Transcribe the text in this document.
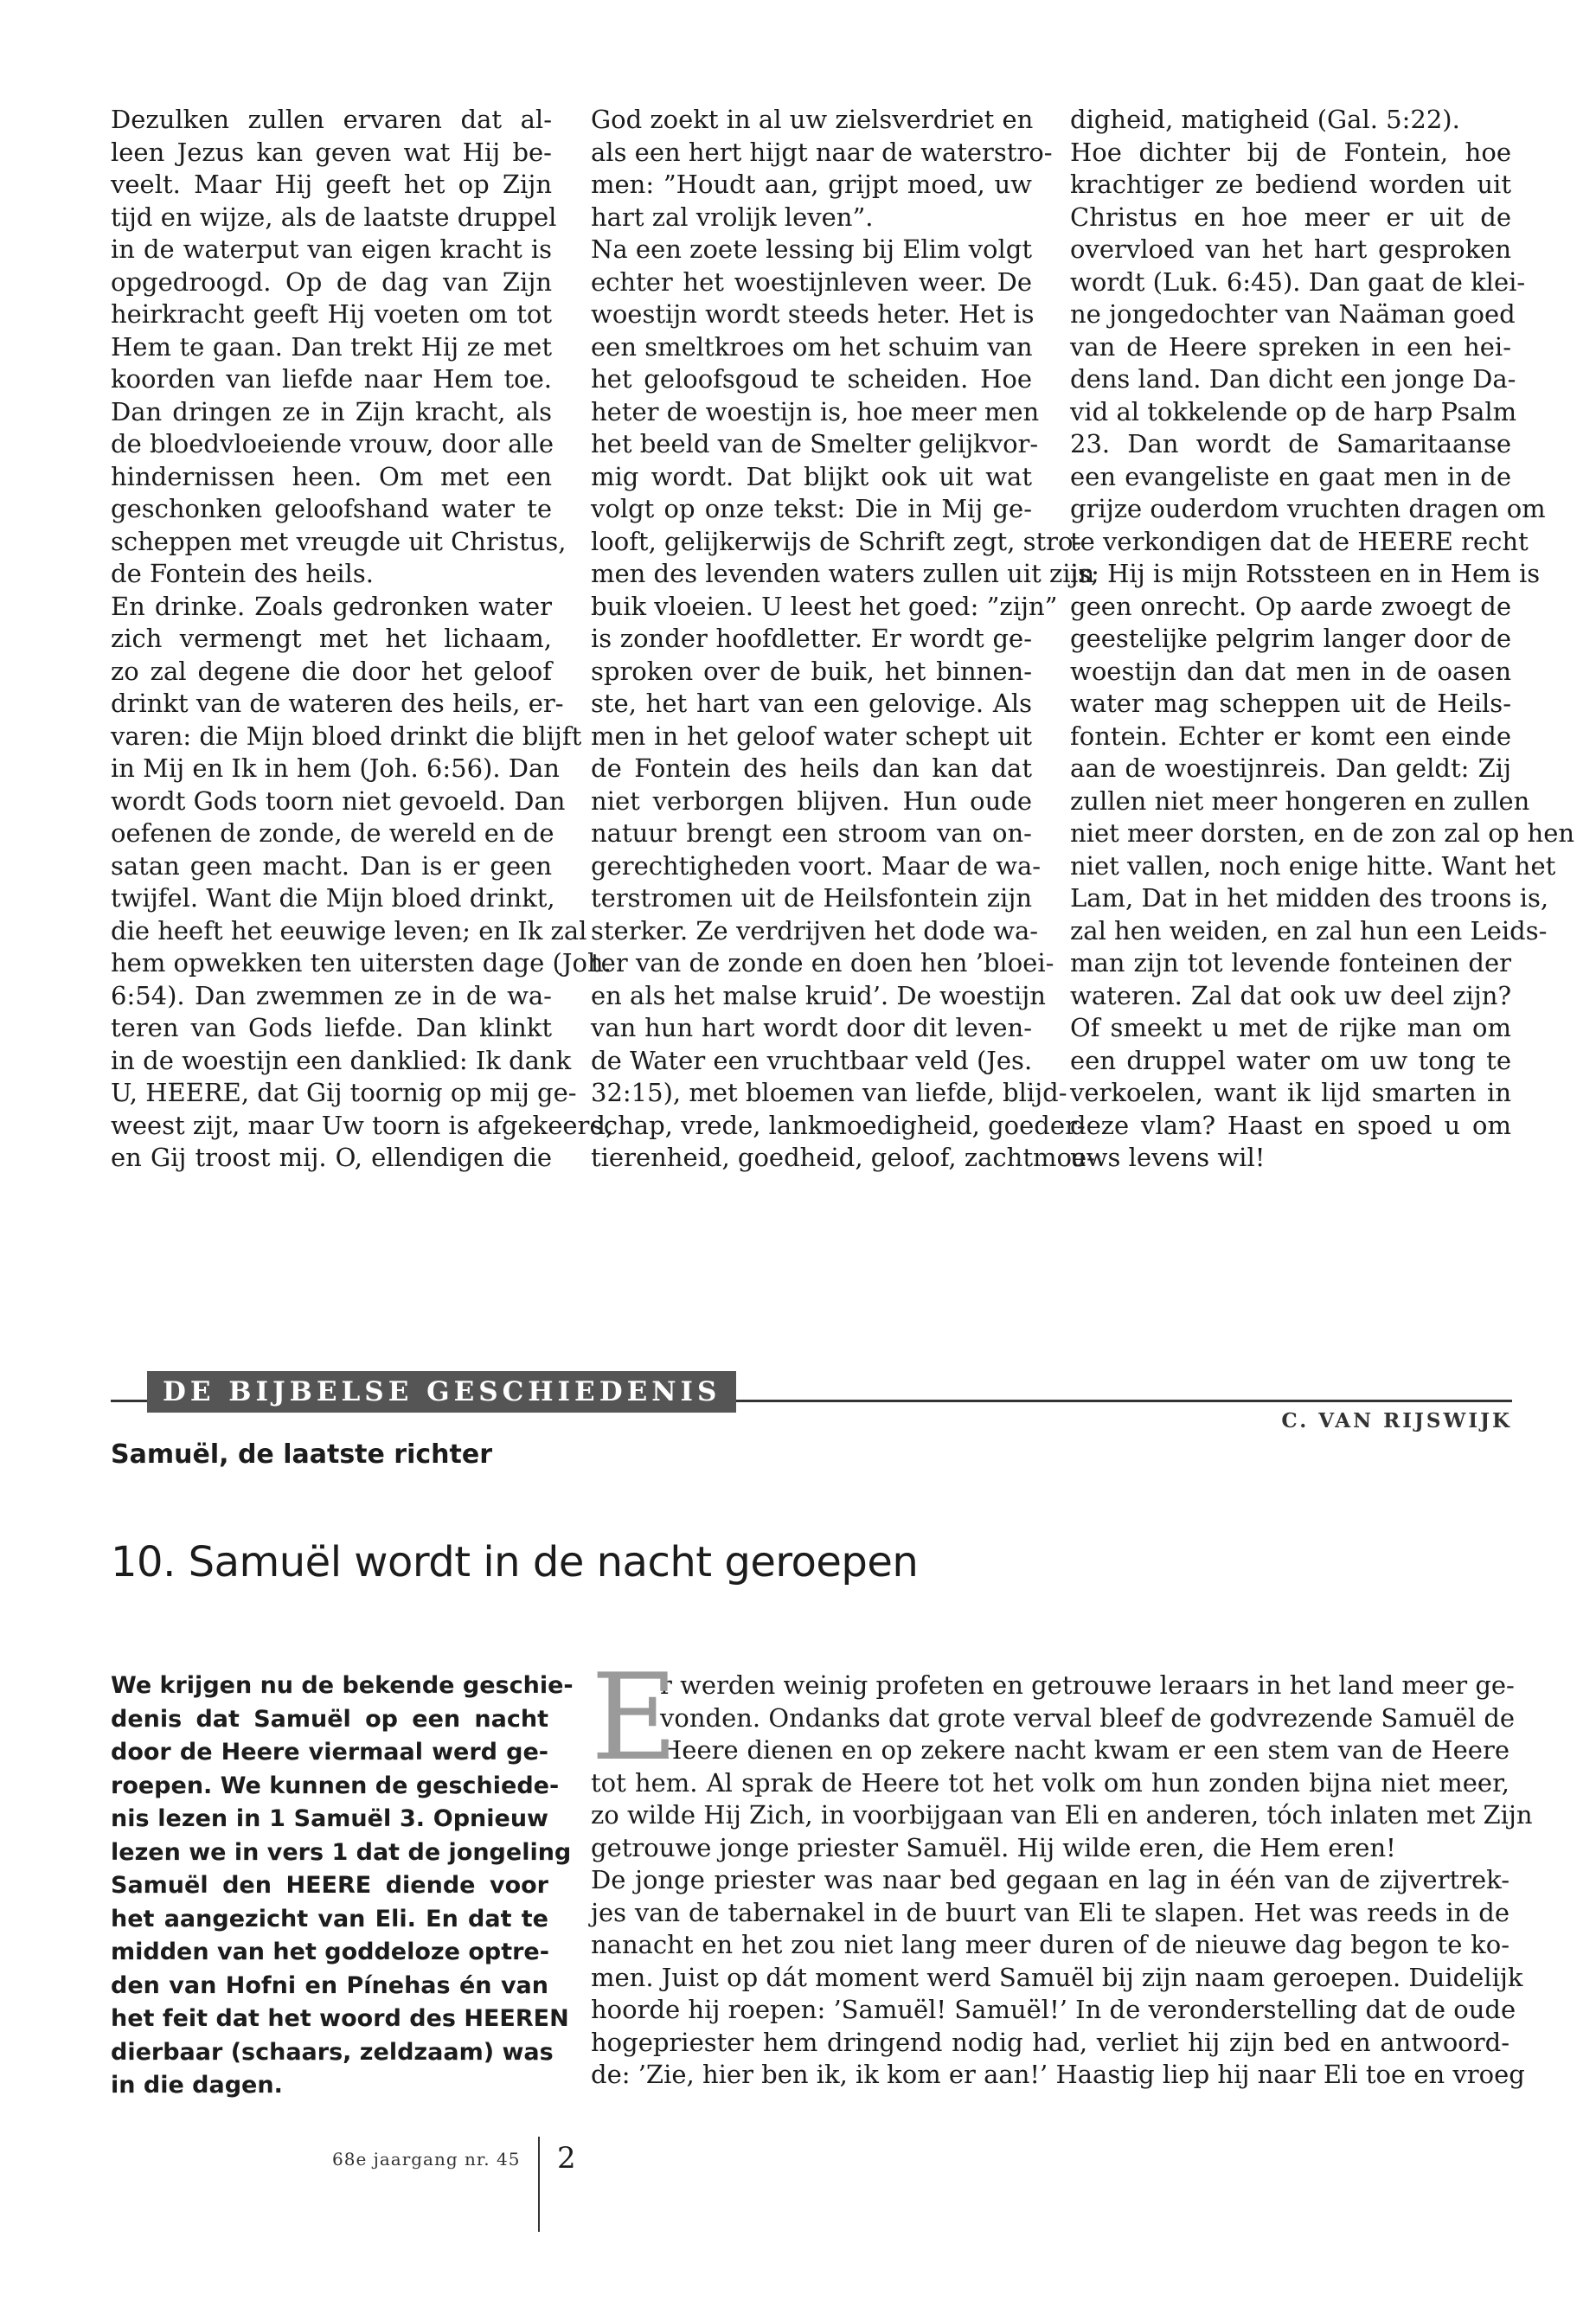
Dezulken zullen ervaren dat al-
leen Jezus kan geven wat Hij be-
veelt. Maar Hij geeft het op Zijn
tijd en wijze, als de laatste druppel
in de waterput van eigen kracht is
opgedroogd. Op de dag van Zijn
heirkracht geeft Hij voeten om tot
Hem te gaan. Dan trekt Hij ze met
koorden van liefde naar Hem toe.
Dan dringen ze in Zijn kracht, als
de bloedvloeiende vrouw, door alle
hindernissen heen. Om met een
geschonken geloofshand water te
scheppen met vreugde uit Christus,
de Fontein des heils.
En drinke. Zoals gedronken water
zich vermengt met het lichaam,
zo zal degene die door het geloof
drinkt van de wateren des heils, er-
varen: die Mijn bloed drinkt die blijft
in Mij en Ik in hem (Joh. 6:56). Dan
wordt Gods toorn niet gevoeld. Dan
oefenen de zonde, de wereld en de
satan geen macht. Dan is er geen
twijfel. Want die Mijn bloed drinkt,
die heeft het eeuwige leven; en Ik zal
hem opwekken ten uitersten dage (Joh.
6:54). Dan zwemmen ze in de wa-
teren van Gods liefde. Dan klinkt
in de woestijn een danklied: Ik dank
U, HEERE, dat Gij toornig op mij ge-
weest zijt, maar Uw toorn is afgekeerd,
en Gij troost mij. O, ellendigen die
God zoekt in al uw zielsverdriet en
als een hert hijgt naar de waterstro-
men: ”Houdt aan, grijpt moed, uw
hart zal vrolijk leven”.
Na een zoete lessing bij Elim volgt
echter het woestijnleven weer. De
woestijn wordt steeds heter. Het is
een smeltkroes om het schuim van
het geloofsgoud te scheiden. Hoe
heter de woestijn is, hoe meer men
het beeld van de Smelter gelijkvor-
mig wordt. Dat blijkt ook uit wat
volgt op onze tekst: Die in Mij ge-
looft, gelijkerwijs de Schrift zegt, stro-
men des levenden waters zullen uit zijn
buik vloeien. U leest het goed: ”zijn”
is zonder hoofdletter. Er wordt ge-
sproken over de buik, het binnen-
ste, het hart van een gelovige. Als
men in het geloof water schept uit
de Fontein des heils dan kan dat
niet verborgen blijven. Hun oude
natuur brengt een stroom van on-
gerechtigheden voort. Maar de wa-
terstromen uit de Heilsfontein zijn
sterker. Ze verdrijven het dode wa-
ter van de zonde en doen hen ’bloei-
en als het malse kruid’. De woestijn
van hun hart wordt door dit leven-
de Water een vruchtbaar veld (Jes.
32:15), met bloemen van liefde, blijd-
schap, vrede, lankmoedigheid, goeder-
tierenheid, goedheid, geloof, zachtmoe-
digheid, matigheid (Gal. 5:22).
Hoe dichter bij de Fontein, hoe
krachtiger ze bediend worden uit
Christus en hoe meer er uit de
overvloed van het hart gesproken
wordt (Luk. 6:45). Dan gaat de klei-
ne jongedochter van Naäman goed
van de Heere spreken in een hei-
dens land. Dan dicht een jonge Da-
vid al tokkelende op de harp Psalm
23. Dan wordt de Samaritaanse
een evangeliste en gaat men in de
grijze ouderdom vruchten dragen om
te verkondigen dat de HEERE recht
is; Hij is mijn Rotssteen en in Hem is
geen onrecht. Op aarde zwoegt de
geestelijke pelgrim langer door de
woestijn dan dat men in de oasen
water mag scheppen uit de Heils-
fontein. Echter er komt een einde
aan de woestijnreis. Dan geldt: Zij
zullen niet meer hongeren en zullen
niet meer dorsten, en de zon zal op hen
niet vallen, noch enige hitte. Want het
Lam, Dat in het midden des troons is,
zal hen weiden, en zal hun een Leids-
man zijn tot levende fonteinen der
wateren. Zal dat ook uw deel zijn?
Of smeekt u met de rijke man om
een druppel water om uw tong te
verkoelen, want ik lijd smarten in
deze vlam? Haast en spoed u om
uws levens wil!
DE BIJBELSE GESCHIEDENIS
C. VAN RIJSWIJK
Samuël, de laatste richter
10. Samuël wordt in de nacht geroepen
We krijgen nu de bekende geschie-
denis dat Samuël op een nacht
door de Heere viermaal werd ge-
roepen. We kunnen de geschiede-
nis lezen in 1 Samuël 3. Opnieuw
lezen we in vers 1 dat de jongeling
Samuël den HEERE diende voor
het aangezicht van Eli. En dat te
midden van het goddeloze optre-
den van Hofni en Pínehas én van
het feit dat het woord des HEEREN
dierbaar (schaars, zeldzaam) was
in die dagen.
E
r werden weinig profeten en getrouwe leraars in het land meer ge-
vonden. Ondanks dat grote verval bleef de godvrezende Samuël de
Heere dienen en op zekere nacht kwam er een stem van de Heere
tot hem. Al sprak de Heere tot het volk om hun zonden bijna niet meer,
zo wilde Hij Zich, in voorbijgaan van Eli en anderen, tóch inlaten met Zijn
getrouwe jonge priester Samuël. Hij wilde eren, die Hem eren!
De jonge priester was naar bed gegaan en lag in één van de zijvertrek-
jes van de tabernakel in de buurt van Eli te slapen. Het was reeds in de
nanacht en het zou niet lang meer duren of de nieuwe dag begon te ko-
men. Juist op dát moment werd Samuël bij zijn naam geroepen. Duidelijk
hoorde hij roepen: ’Samuël! Samuël!’ In de veronderstelling dat de oude
hogepriester hem dringend nodig had, verliet hij zijn bed en antwoord-
de: ’Zie, hier ben ik, ik kom er aan!’ Haastig liep hij naar Eli toe en vroeg
68e jaargang nr. 45 2
